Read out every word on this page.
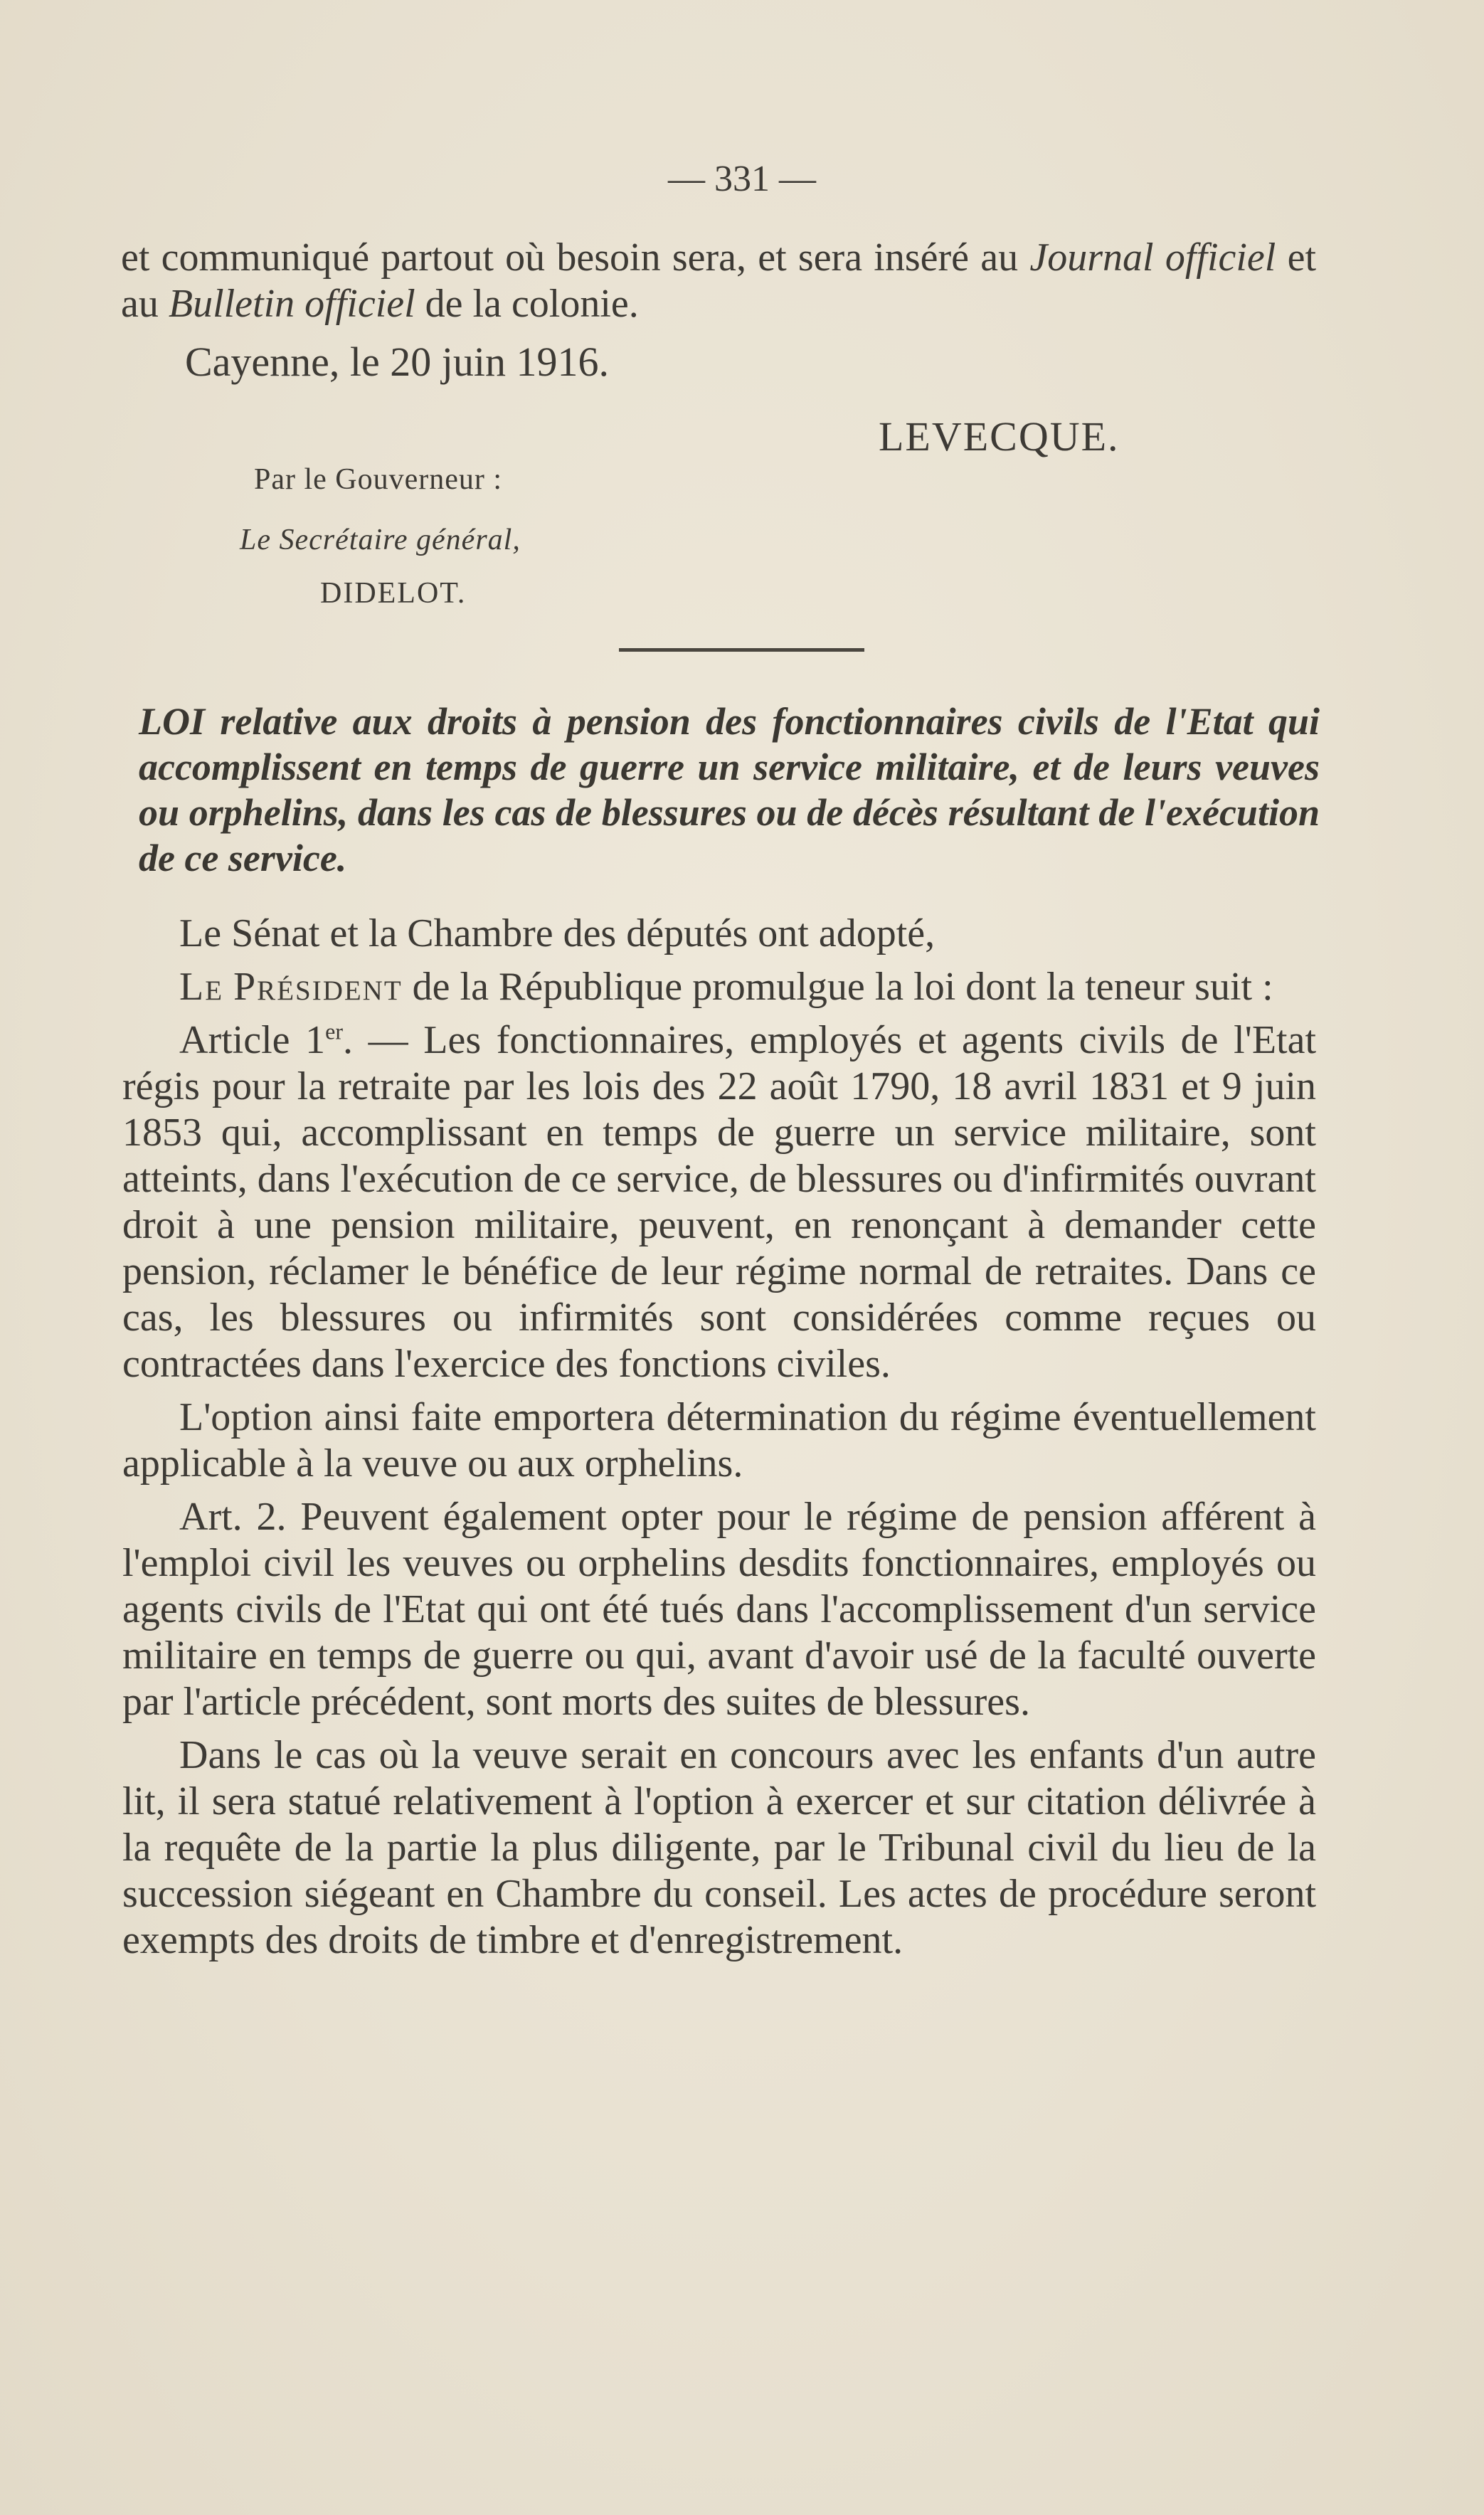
— 331 —

et communiqué partout où besoin sera, et sera inséré au Journal officiel et au Bulletin officiel de la colonie.

Cayenne, le 20 juin 1916.
LEVECQUE.
Par le Gouverneur :
Le Secrétaire général,
DIDELOT.

LOI relative aux droits à pension des fonctionnaires civils de l'Etat qui accomplissent en temps de guerre un service militaire, et de leurs veuves ou orphelins, dans les cas de blessures ou de décès résultant de l'exécution de ce service.

Le Sénat et la Chambre des députés ont adopté,

Le Président de la République promulgue la loi dont la teneur suit :

Article 1er. — Les fonctionnaires, employés et agents civils de l'Etat régis pour la retraite par les lois des 22 août 1790, 18 avril 1831 et 9 juin 1853 qui, accomplissant en temps de guerre un service militaire, sont atteints, dans l'exécution de ce service, de blessures ou d'infirmités ouvrant droit à une pension militaire, peuvent, en renonçant à demander cette pension, réclamer le bénéfice de leur régime normal de retraites. Dans ce cas, les blessures ou infirmités sont considérées comme reçues ou contractées dans l'exercice des fonctions civiles.

L'option ainsi faite emportera détermination du régime éventuellement applicable à la veuve ou aux orphelins.

Art. 2. Peuvent également opter pour le régime de pension afférent à l'emploi civil les veuves ou orphelins desdits fonctionnaires, employés ou agents civils de l'Etat qui ont été tués dans l'accomplissement d'un service militaire en temps de guerre ou qui, avant d'avoir usé de la faculté ouverte par l'article précédent, sont morts des suites de blessures.

Dans le cas où la veuve serait en concours avec les enfants d'un autre lit, il sera statué relativement à l'option à exercer et sur citation délivrée à la requête de la partie la plus diligente, par le Tribunal civil du lieu de la succession siégeant en Chambre du conseil. Les actes de procédure seront exempts des droits de timbre et d'enregistrement.
